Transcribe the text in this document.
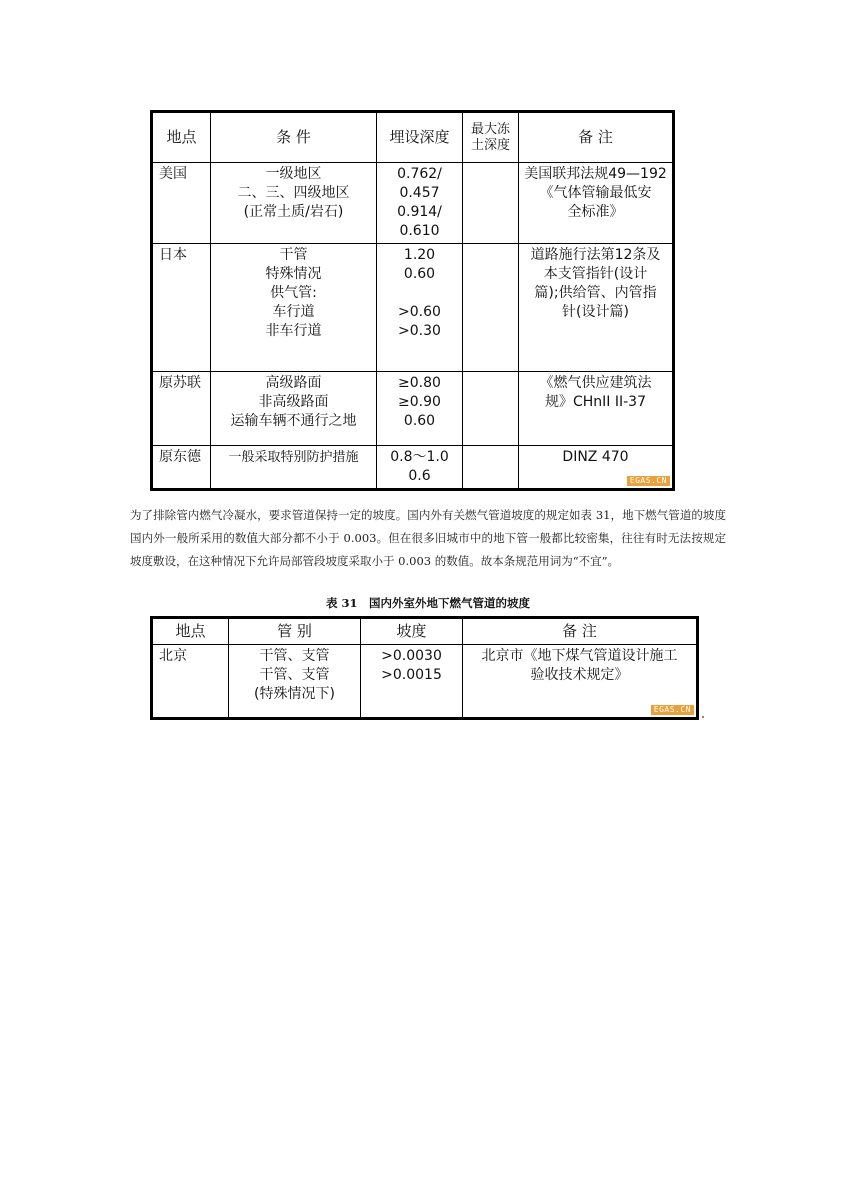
地点	条 件	埋设深度	最大冻
土深度	备 注
美国	一级地区
二、三、四级地区
(正常土质/岩石)	0.762/
0.457
0.914/
0.610		美国联邦法规49—192
《气体管输最低安
全标准》
日本	干管
特殊情况
供气管:
车行道
非车行道	1.20
0.60

>0.60
>0.30		道路施行法第12条及
本支管指针(设计
篇);供给管、内管指
针(设计篇)
原苏联	高级路面
非高级路面
运输车辆不通行之地	≥0.80
≥0.90
0.60		《燃气供应建筑法
规》CHnII II-37
原东德	一般采取特别防护措施	0.8～1.0
0.6		DINZ 470
EGAS.CN
为了排除管内燃气冷凝水，要求管道保持一定的坡度。国内外有关燃气管道坡度的规定如表 31，地下燃气管道的坡度国内外一般所采用的数值大部分都不小于 0.003。但在很多旧城市中的地下管一般都比较密集，往往有时无法按规定坡度敷设，在这种情况下允许局部管段坡度采取小于 0.003 的数值。故本条规范用词为“不宜”。
表 31　国内外室外地下燃气管道的坡度
地点	管 别	坡度	备 注
北京	干管、支管
干管、支管
(特殊情况下)	>0.0030
>0.0015	北京市《地下煤气管道设计施工
验收技术规定》
EGAS.CN
